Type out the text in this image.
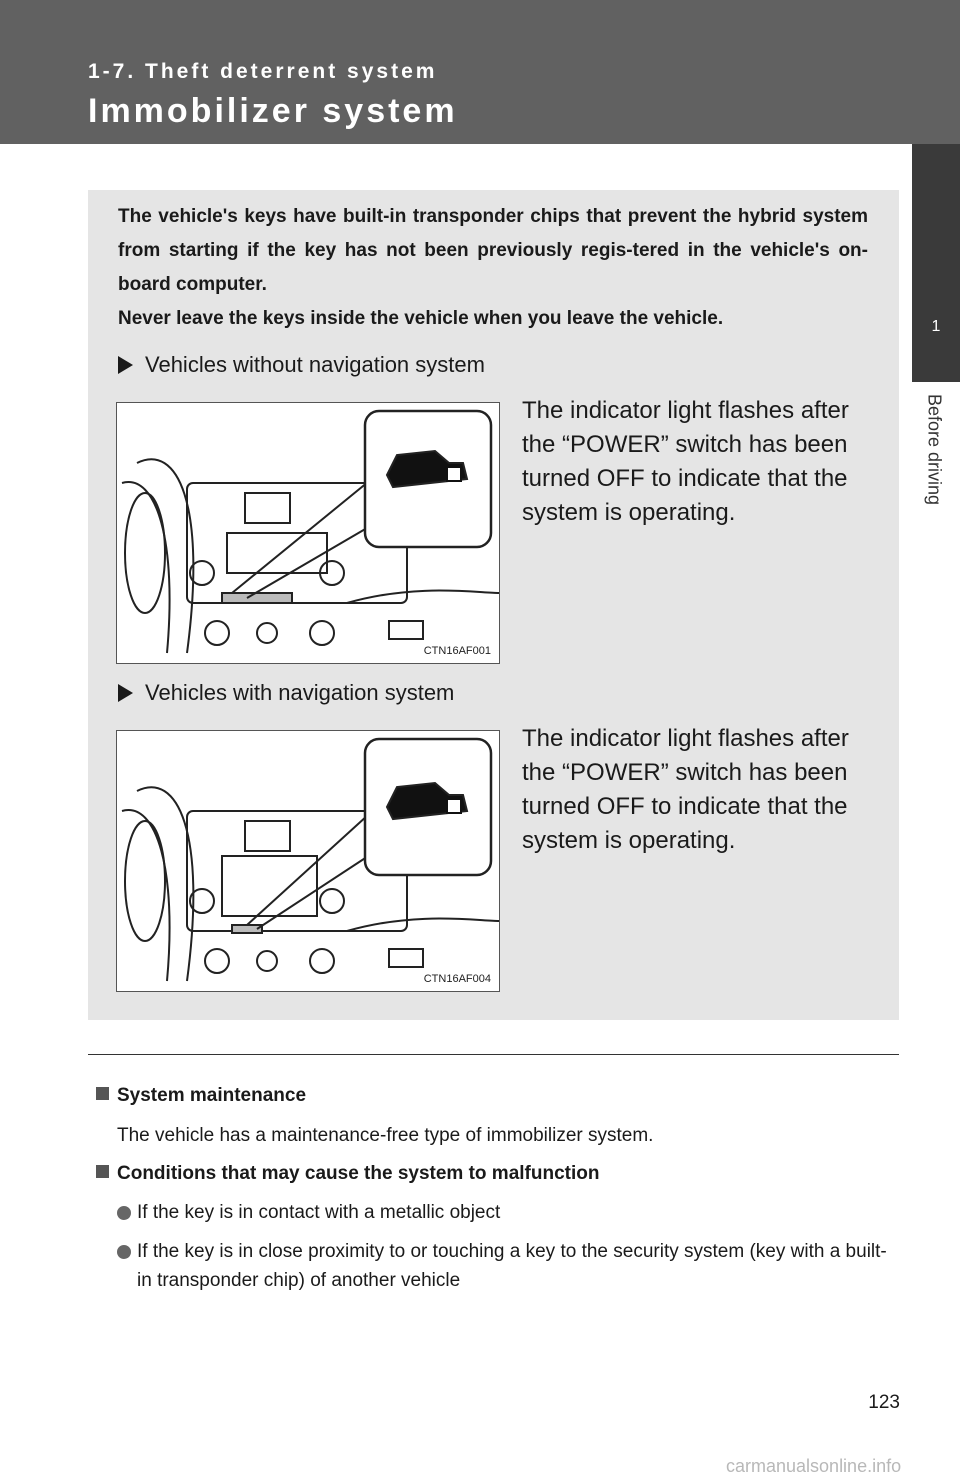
1-7. Theft deterrent system
Immobilizer system
1
Before driving

The vehicle's keys have built-in transponder chips that prevent the hybrid system from starting if the key has not been previously regis-tered in the vehicle's on-board computer.

Never leave the keys inside the vehicle when you leave the vehicle.

Vehicles without navigation system
CTN16AF001
The indicator light flashes after the “POWER” switch has been turned OFF to indicate that the system is operating.
Vehicles with navigation system
CTN16AF004
The indicator light flashes after the “POWER” switch has been turned OFF to indicate that the system is operating.
System maintenance
The vehicle has a maintenance-free type of immobilizer system.
Conditions that may cause the system to malfunction
If the key is in contact with a metallic object
If the key is in close proximity to or touching a key to the security system (key with a built-in transponder chip) of another vehicle
123
carmanualsonline.info
